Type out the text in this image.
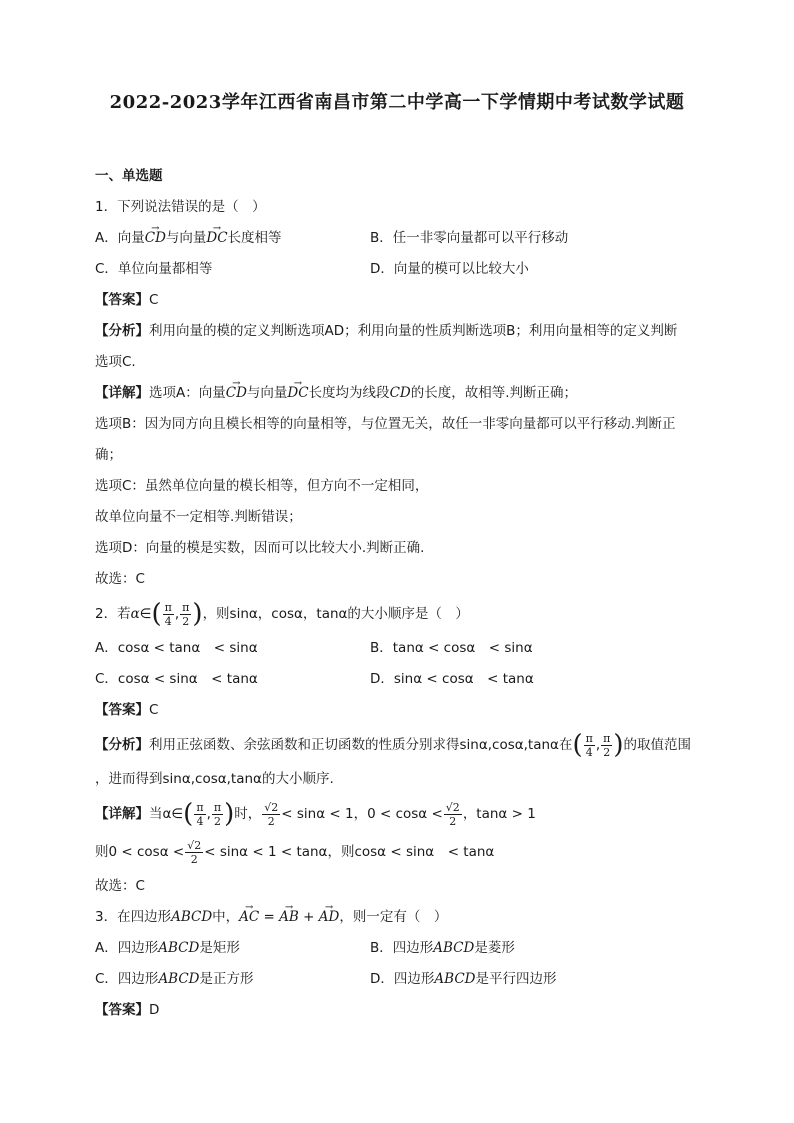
2022-2023学年江西省南昌市第二中学高一下学情期中考试数学试题
一、单选题
1．下列说法错误的是（　）
A．向量→ CD与向量→ DC长度相等	B．任一非零向量都可以平行移动
C．单位向量都相等	D．向量的模可以比较大小
【答案】C
【分析】利用向量的模的定义判断选项AD；利用向量的性质判断选项B；利用向量相等的定义判断
选项C.
【详解】选项A：向量→ CD与向量→ DC长度均为线段CD的长度，故相等.判断正确；
选项B：因为同方向且模长相等的向量相等，与位置无关，故任一非零向量都可以平行移动.判断正
确；
选项C：虽然单位向量的模长相等，但方向不一定相同，
故单位向量不一定相等.判断错误；
选项D：向量的模是实数，因而可以比较大小.判断正确.
故选：C
2．若α∈( $\frac{\pi}{4}$ , $\frac{\pi}{2}$ )，则sinα，cosα，tanα的大小顺序是（　）
A．cosα < tanα　< sinα	B．tanα < cosα　< sinα
C．cosα < sinα　< tanα	D．sinα < cosα　< tanα
【答案】C
【分析】利用正弦函数、余弦函数和正切函数的性质分别求得sinα,cosα,tanα在( $\frac{\pi}{4}$ , $\frac{\pi}{2}$ )的取值范围
，进而得到sinα,cosα,tanα的大小顺序.
【详解】当α∈( $\frac{\pi}{4}$ , $\frac{\pi}{2}$ )时， $\frac{√2}{2} < \sin\alpha < 1$，$0 < \cos\alpha < \frac{√2}{2}$ ，tanα > 1
则$0 < \cos\alpha < \frac{√2}{2} < \sin\alpha < 1 < \tan\alpha$，则cosα < sinα　< tanα
故选：C
3．在四边形ABCD中，→ AC = → AB + → AD，则一定有（　）
A．四边形ABCD是矩形	B．四边形ABCD是菱形
C．四边形ABCD是正方形	D．四边形ABCD是平行四边形
【答案】D
